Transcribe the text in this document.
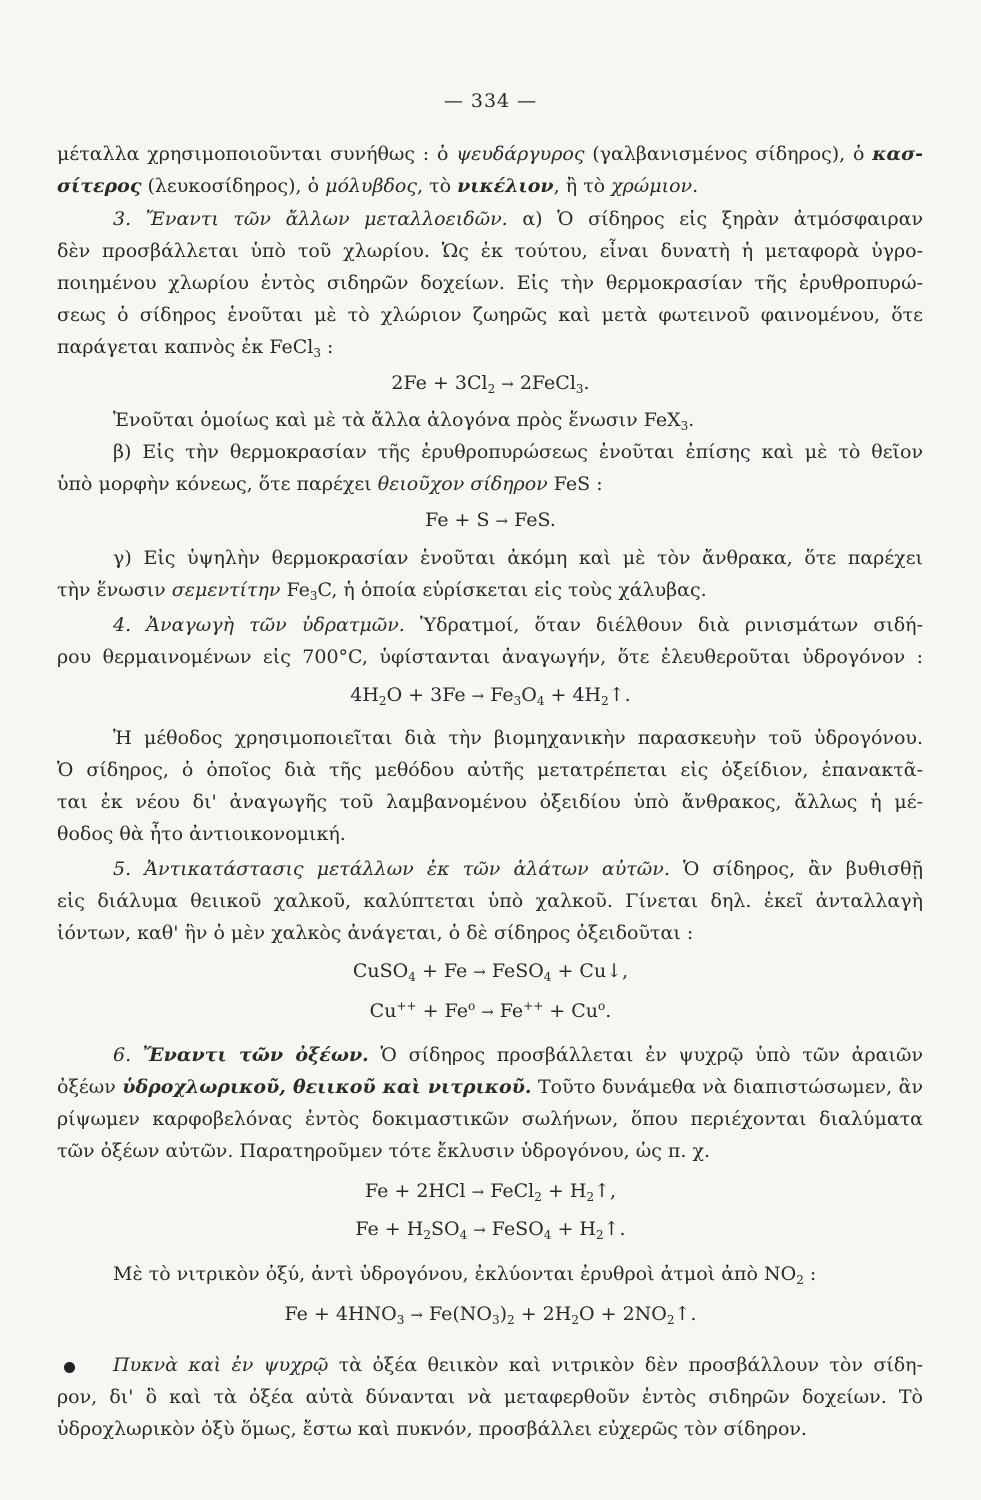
— 334 —
μέταλλα χρησιμοποιοῦνται συνήθως : ὁ ψευδάργυρος (γαλβανισμένος σίδηρος), ὁ κασ-
σίτερος (λευκοσίδηρος), ὁ μόλυβδος, τὸ νικέλιον, ἢ τὸ χρώμιον.
3. Ἔναντι τῶν ἄλλων μεταλλοειδῶν. α) Ὁ σίδηρος εἰς ξηρὰν ἀτμόσφαιραν
δὲν προσβάλλεται ὑπὸ τοῦ χλωρίου. Ὡς ἐκ τούτου, εἶναι δυνατὴ ἡ μεταφορὰ ὑγρο-
ποιημένου χλωρίου ἐντὸς σιδηρῶν δοχείων. Εἰς τὴν θερμοκρασίαν τῆς ἐρυθροπυρώ-
σεως ὁ σίδηρος ἑνοῦται μὲ τὸ χλώριον ζωηρῶς καὶ μετὰ φωτεινοῦ φαινομένου, ὅτε
παράγεται καπνὸς ἐκ FeCl$_3$ :
$2Fe + 3Cl_2$ → 2FeCl$_3$.
Ἑνοῦται ὁμοίως καὶ μὲ τὰ ἄλλα ἀλογόνα πρὸς ἕνωσιν FeX$_3$.
β) Εἰς τὴν θερμοκρασίαν τῆς ἐρυθροπυρώσεως ἑνοῦται ἐπίσης καὶ μὲ τὸ θεῖον
ὑπὸ μορφὴν κόνεως, ὅτε παρέχει θειοῦχον σίδηρον FeS :
Fe + S → FeS.
γ) Εἰς ὑψηλὴν θερμοκρασίαν ἑνοῦται ἀκόμη καὶ μὲ τὸν ἄνθρακα, ὅτε παρέχει
τὴν ἕνωσιν σεμεντίτην $Fe_3C$, ἡ ὁποία εὑρίσκεται εἰς τοὺς χάλυβας.
4. Ἀναγωγὴ τῶν ὑδρατμῶν. Ὑδρατμοί, ὅταν διέλθουν διὰ ρινισμάτων σιδή-
ρου θερμαινομένων εἰς 700°C, ὑφίστανται ἀναγωγήν, ὅτε ἐλευθεροῦται ὑδρογόνον :
$4H_2O + 3Fe \to Fe_3O_4$ + $4H_2↑$.
Ἡ μέθοδος χρησιμοποιεῖται διὰ τὴν βιομηχανικὴν παρασκευὴν τοῦ ὑδρογόνου.
Ὁ σίδηρος, ὁ ὁποῖος διὰ τῆς μεθόδου αὐτῆς μετατρέπεται εἰς ὀξείδιον, ἐπανακτᾶ-
ται ἐκ νέου δι' ἀναγωγῆς τοῦ λαμβανομένου ὀξειδίου ὑπὸ ἄνθρακος, ἄλλως ἡ μέ-
θοδος θὰ ἦτο ἀντιοικονομική.
5. Ἀντικατάστασις μετάλλων ἐκ τῶν ἁλάτων αὐτῶν. Ὁ σίδηρος, ἂν βυθισθῇ
εἰς διάλυμα θειικοῦ χαλκοῦ, καλύπτεται ὑπὸ χαλκοῦ. Γίνεται δηλ. ἐκεῖ ἀνταλλαγὴ
ἰόντων, καθ' ἣν ὁ μὲν χαλκὸς ἀνάγεται, ὁ δὲ σίδηρος ὀξειδοῦται :
CuSO$_4$ + Fe → FeSO$_4$ + Cu↓,
$Cu^{++} + Fe^o \to Fe^{++} + Cu^o$.
6. Ἔναντι τῶν ὀξέων. Ὁ σίδηρος προσβάλλεται ἐν ψυχρῷ ὑπὸ τῶν ἀραιῶν
ὀξέων ὑδροχλωρικοῦ, θειικοῦ καὶ νιτρικοῦ. Τοῦτο δυνάμεθα νὰ διαπιστώσωμεν, ἂν
ρίψωμεν καρφοβελόνας ἐντὸς δοκιμαστικῶν σωλήνων, ὅπου περιέχονται διαλύματα
τῶν ὀξέων αὐτῶν. Παρατηροῦμεν τότε ἔκλυσιν ὑδρογόνου, ὡς π. χ.
Fe + 2HCl → FeCl$_2$ + $H_2↑$,
$Fe + H_2SO_4$ → FeSO$_4$ + $H_2↑$.
Μὲ τὸ νιτρικὸν ὀξύ, ἀντὶ ὑδρογόνου, ἐκλύονται ἐρυθροὶ ἀτμοὶ ἀπὸ $NO_2$ :
$Fe + 4HNO_3 \to Fe(NO_3)_2 + 2H_2O$ + $2NO_2↑$.
Πυκνὰ καὶ ἐν ψυχρῷ τὰ ὀξέα θειικὸν καὶ νιτρικὸν δὲν προσβάλλουν τὸν σίδη-
ρον, δι' ὃ καὶ τὰ ὀξέα αὐτὰ δύνανται νὰ μεταφερθοῦν ἐντὸς σιδηρῶν δοχείων. Τὸ
ὑδροχλωρικὸν ὀξὺ ὅμως, ἔστω καὶ πυκνόν, προσβάλλει εὐχερῶς τὸν σίδηρον.
